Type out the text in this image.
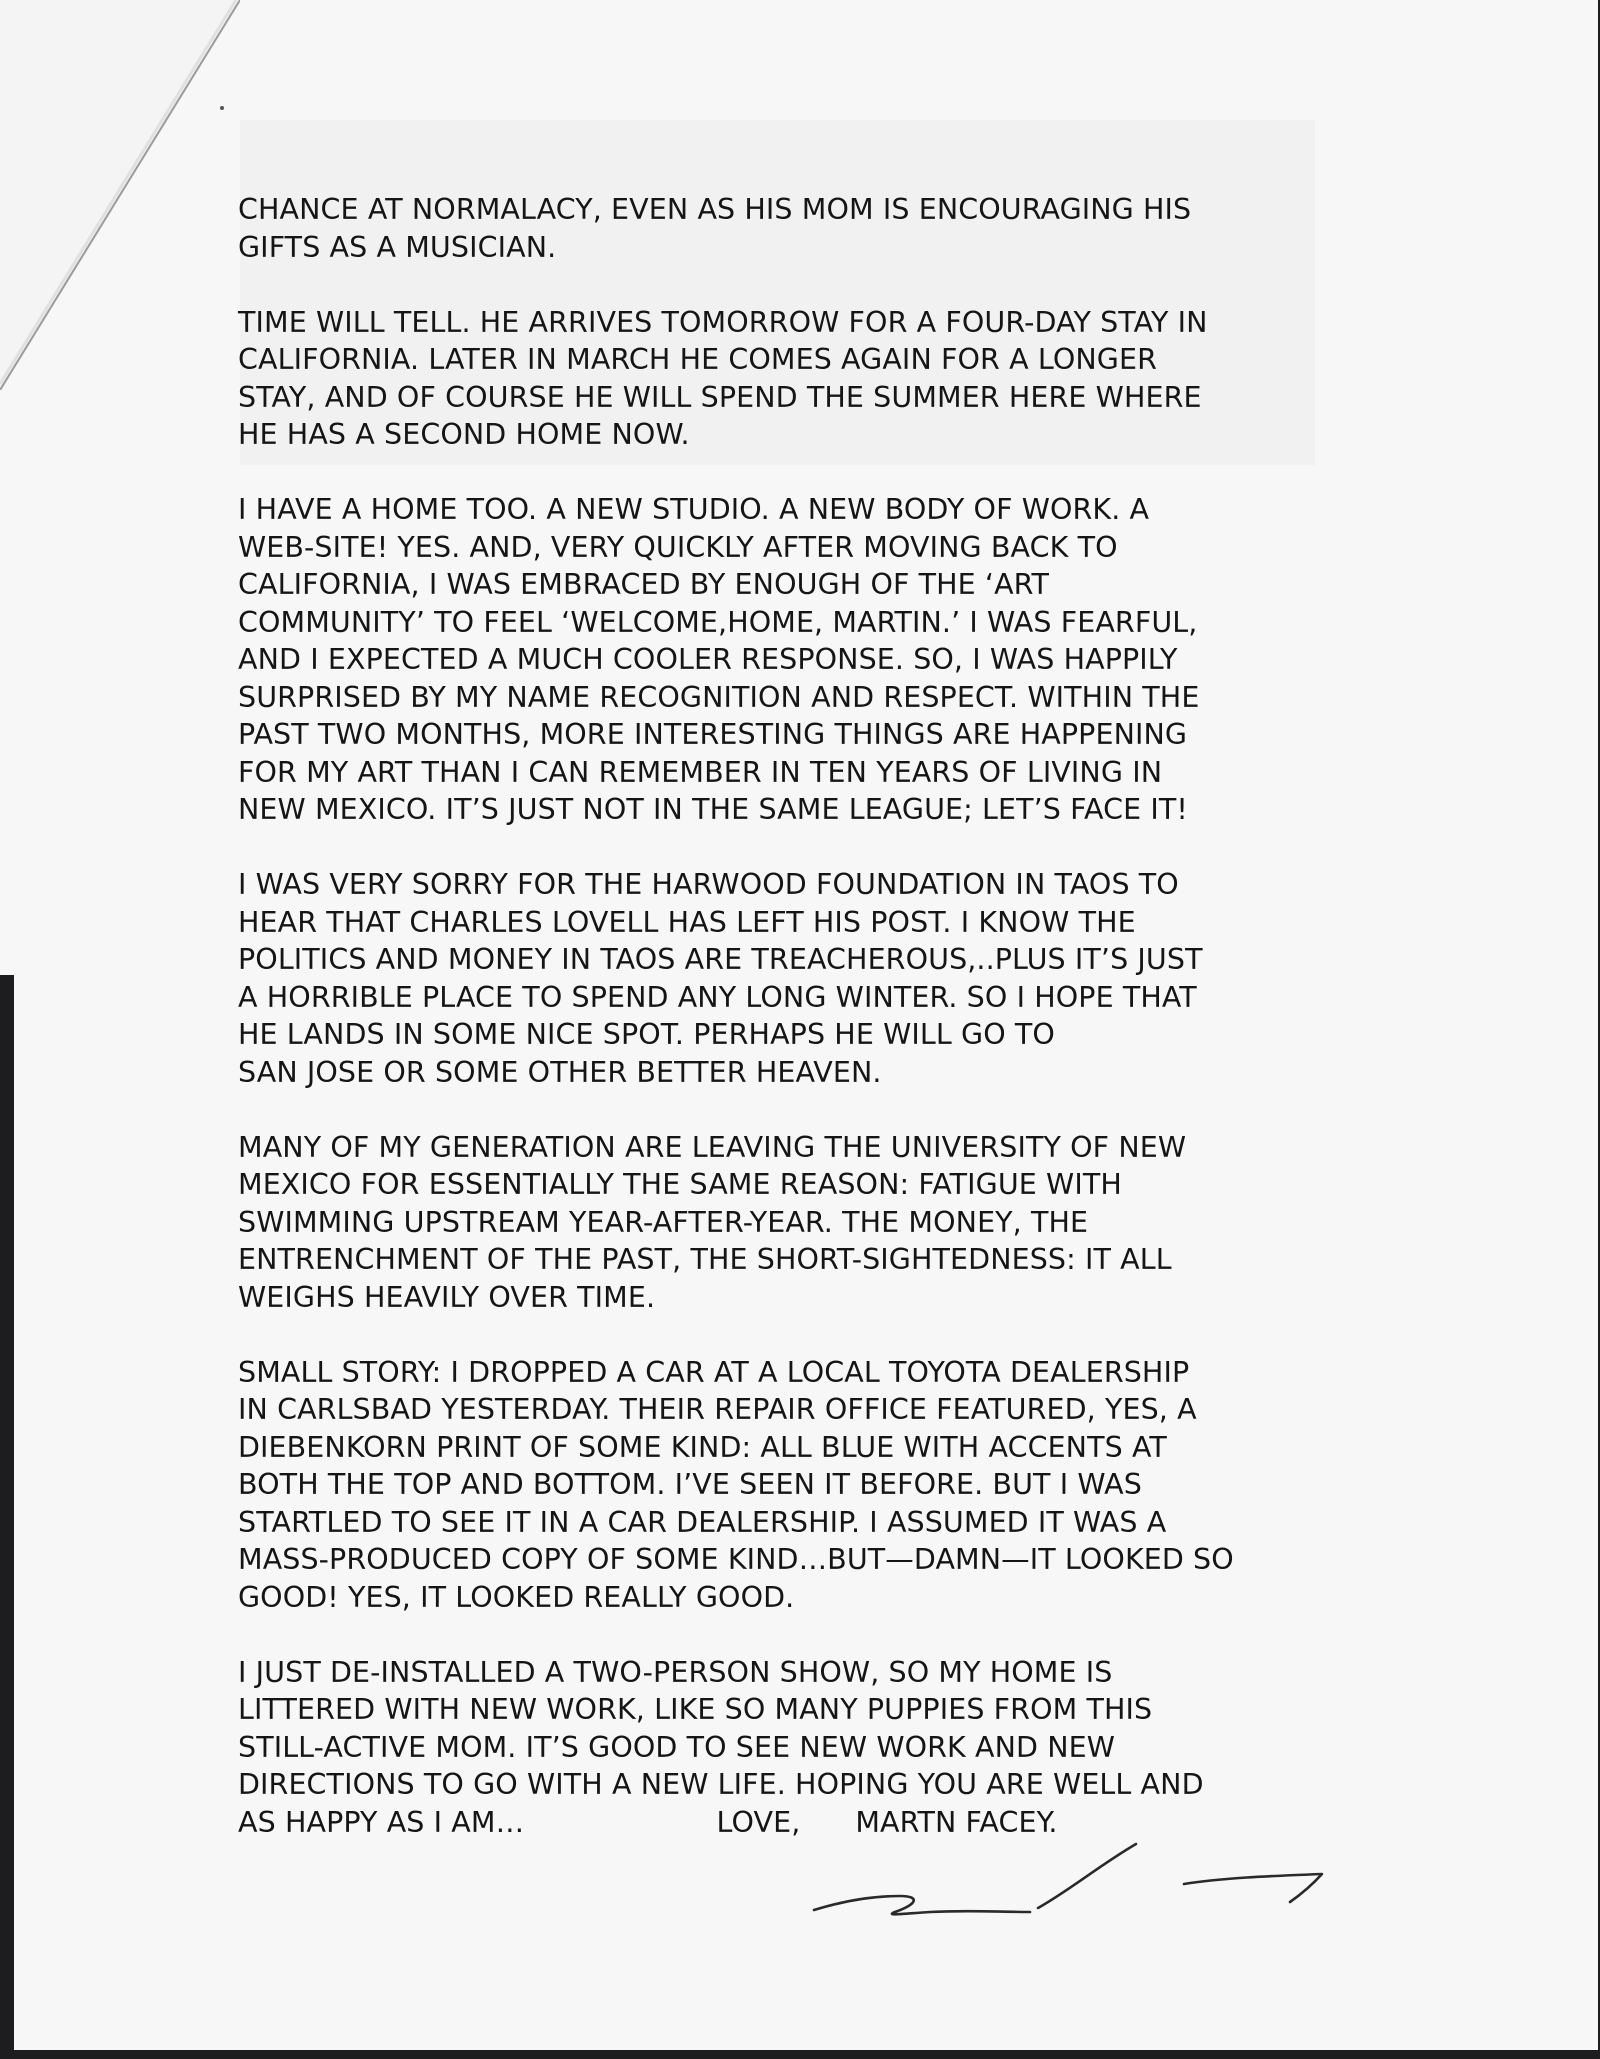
CHANCE AT NORMALACY, EVEN AS HIS MOM IS ENCOURAGING HIS
GIFTS AS A MUSICIAN.

TIME WILL TELL. HE ARRIVES TOMORROW FOR A FOUR-DAY STAY IN
CALIFORNIA. LATER IN MARCH HE COMES AGAIN FOR A LONGER
STAY, AND OF COURSE HE WILL SPEND THE SUMMER HERE WHERE
HE HAS A SECOND HOME NOW.

I HAVE A HOME TOO. A NEW STUDIO. A NEW BODY OF WORK. A
WEB-SITE! YES. AND, VERY QUICKLY AFTER MOVING BACK TO
CALIFORNIA, I WAS EMBRACED BY ENOUGH OF THE ‘ART
COMMUNITY’ TO FEEL ‘WELCOME,HOME, MARTIN.’ I WAS FEARFUL,
AND I EXPECTED A MUCH COOLER RESPONSE. SO, I WAS HAPPILY
SURPRISED BY MY NAME RECOGNITION AND RESPECT. WITHIN THE
PAST TWO MONTHS, MORE INTERESTING THINGS ARE HAPPENING
FOR MY ART THAN I CAN REMEMBER IN TEN YEARS OF LIVING IN
NEW MEXICO. IT’S JUST NOT IN THE SAME LEAGUE; LET’S FACE IT!

I WAS VERY SORRY FOR THE HARWOOD FOUNDATION IN TAOS TO
HEAR THAT CHARLES LOVELL HAS LEFT HIS POST. I KNOW THE
POLITICS AND MONEY IN TAOS ARE TREACHEROUS,..PLUS IT’S JUST
A HORRIBLE PLACE TO SPEND ANY LONG WINTER. SO I HOPE THAT
HE LANDS IN SOME NICE SPOT. PERHAPS HE WILL GO TO
SAN JOSE OR SOME OTHER BETTER HEAVEN.

MANY OF MY GENERATION ARE LEAVING THE UNIVERSITY OF NEW
MEXICO FOR ESSENTIALLY THE SAME REASON: FATIGUE WITH
SWIMMING UPSTREAM YEAR-AFTER-YEAR. THE MONEY, THE
ENTRENCHMENT OF THE PAST, THE SHORT-SIGHTEDNESS: IT ALL
WEIGHS HEAVILY OVER TIME.

SMALL STORY: I DROPPED A CAR AT A LOCAL TOYOTA DEALERSHIP
IN CARLSBAD YESTERDAY. THEIR REPAIR OFFICE FEATURED, YES, A
DIEBENKORN PRINT OF SOME KIND: ALL BLUE WITH ACCENTS AT
BOTH THE TOP AND BOTTOM. I’VE SEEN IT BEFORE. BUT I WAS
STARTLED TO SEE IT IN A CAR DEALERSHIP. I ASSUMED IT WAS A
MASS-PRODUCED COPY OF SOME KIND…BUT—DAMN—IT LOOKED SO
GOOD! YES, IT LOOKED REALLY GOOD.

I JUST DE-INSTALLED A TWO-PERSON SHOW, SO MY HOME IS
LITTERED WITH NEW WORK, LIKE SO MANY PUPPIES FROM THIS
STILL-ACTIVE MOM. IT’S GOOD TO SEE NEW WORK AND NEW
DIRECTIONS TO GO WITH A NEW LIFE. HOPING YOU ARE WELL AND

AS HAPPY AS I AM…                     LOVE,      MARTN FACEY.
